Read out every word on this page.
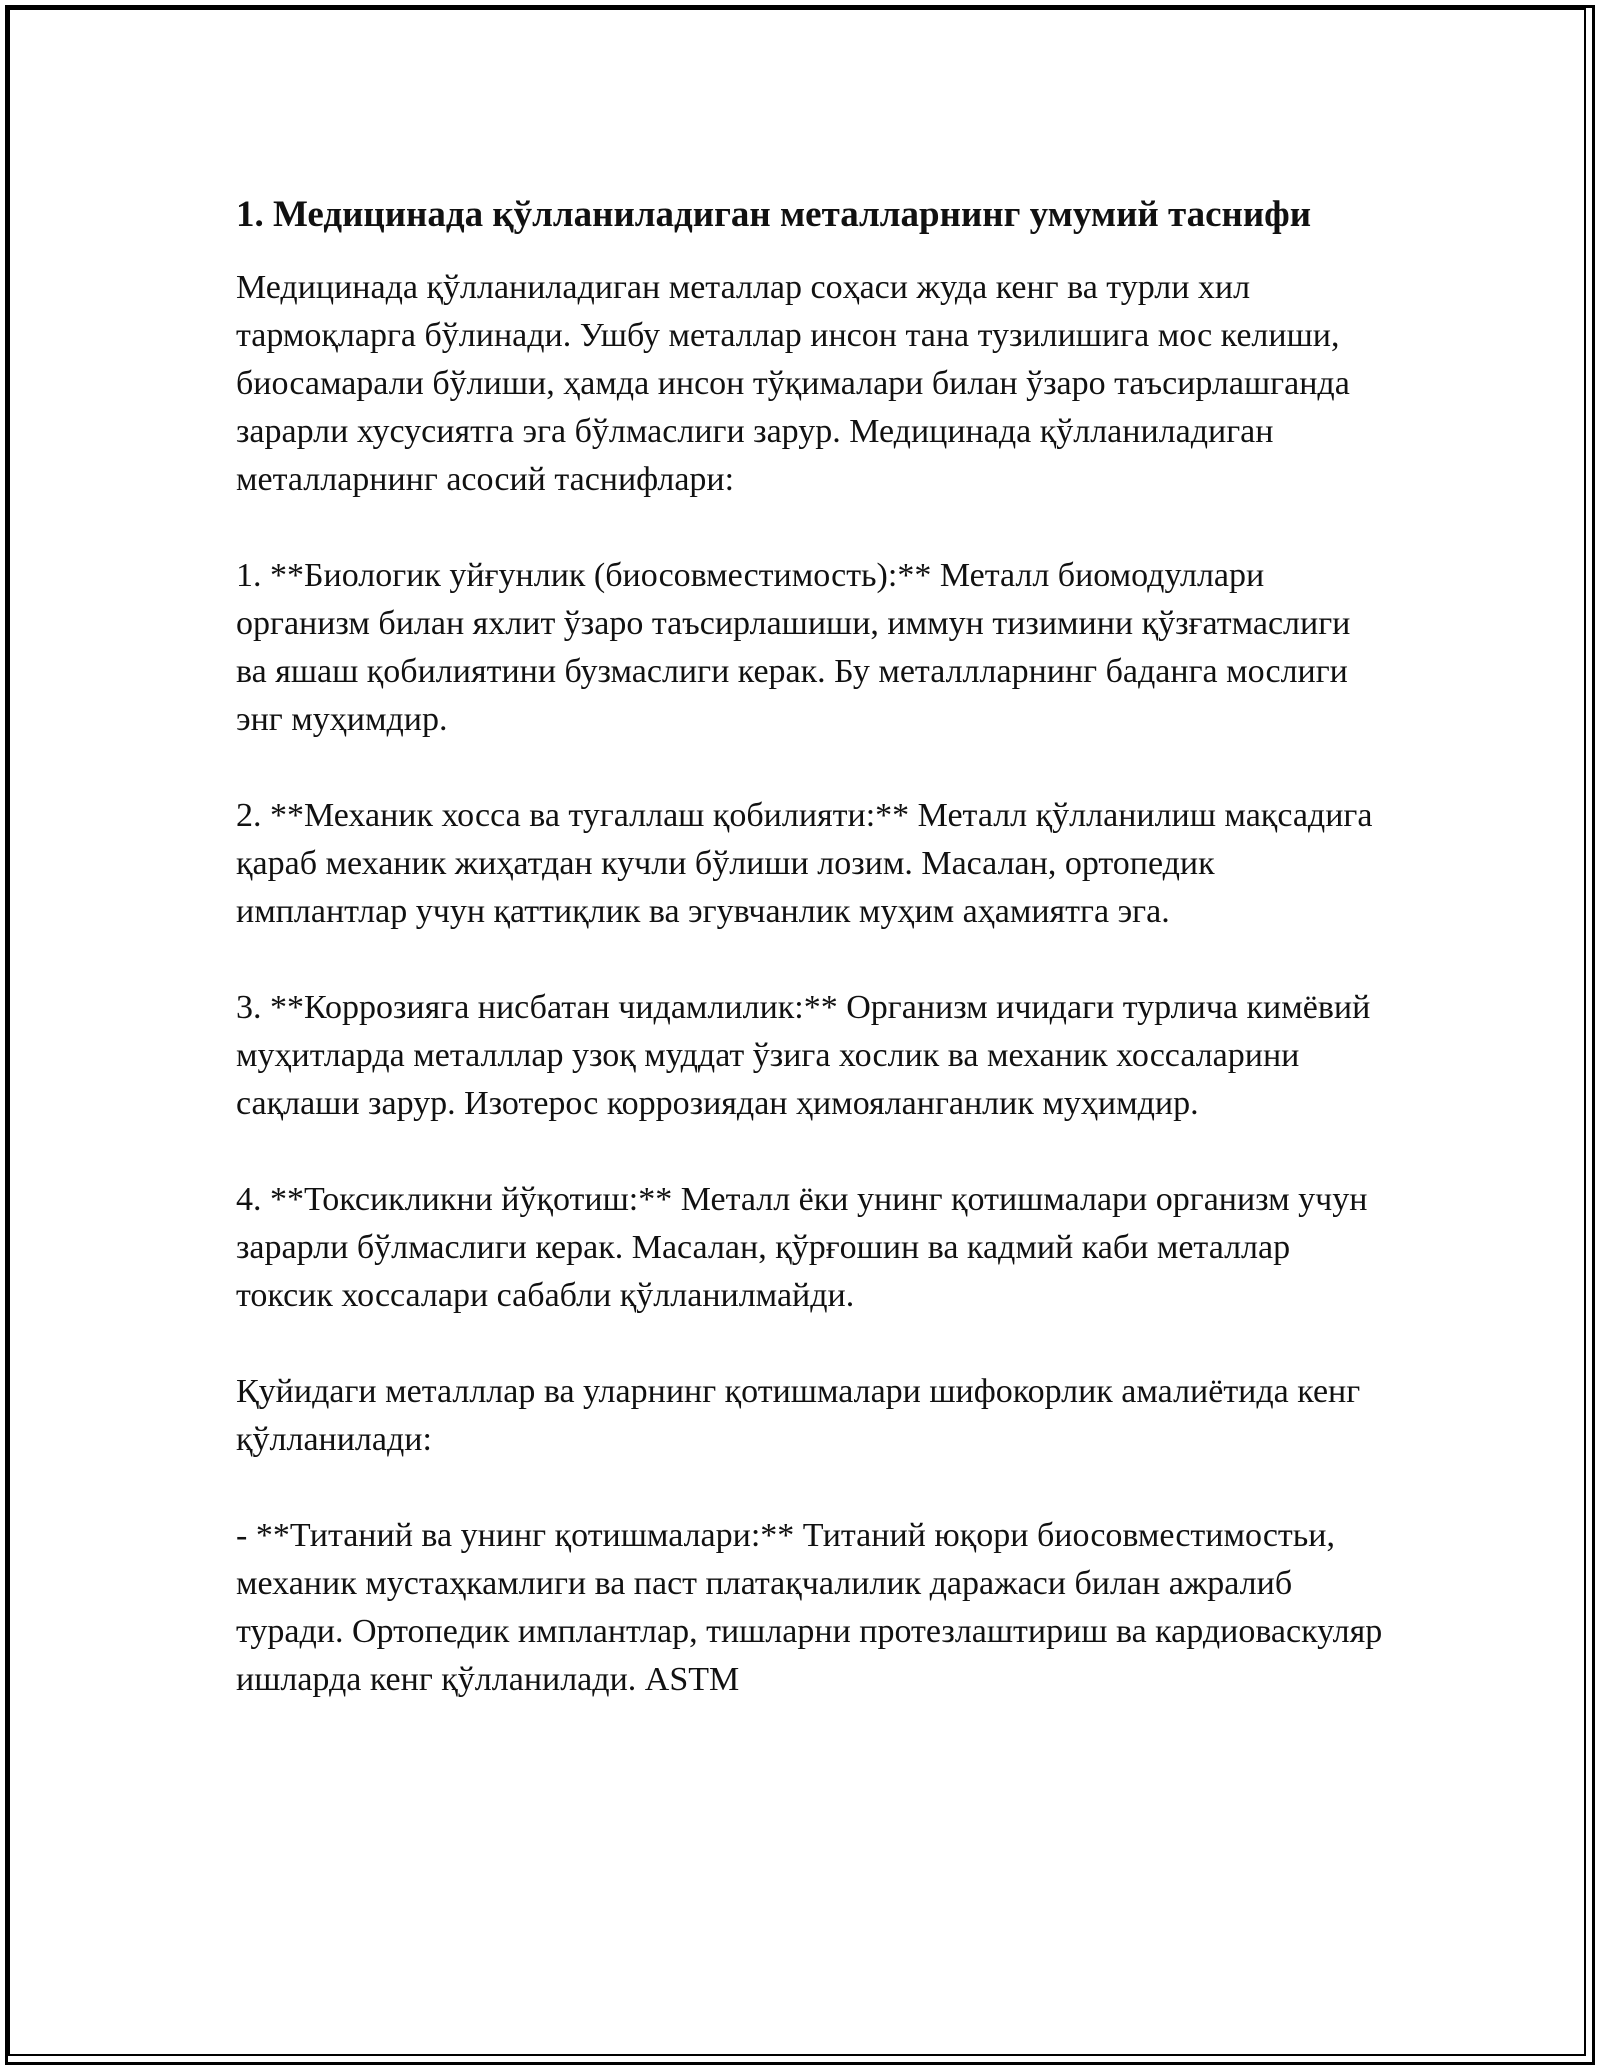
1. Медицинада қўлланиладиган металларнинг умумий таснифи

Медицинада қўлланиладиган металлар соҳаси жуда кенг ва турли хил тармоқларга бўлинади. Ушбу металлар инсон тана тузилишига мос келиши, биосамарали бўлиши, ҳамда инсон тўқималари билан ўзаро таъсирлашганда зарарли хусусиятга эга бўлмаслиги зарур. Медицинада қўлланиладиган металларнинг асосий таснифлари:

1. **Биологик уйғунлик (биосовместимость):** Металл биомодуллари организм билан яхлит ўзаро таъсирлашиши, иммун тизимини қўзғатмаслиги ва яшаш қобилиятини бузмаслиги керак. Бу металлларнинг баданга мослиги энг муҳимдир.

2. **Механик хосса ва тугаллаш қобилияти:** Металл қўлланилиш мақсадига қараб механик жиҳатдан кучли бўлиши лозим. Масалан, ортопедик имплантлар учун қаттиқлик ва эгувчанлик муҳим аҳамиятга эга.

3. **Коррозияга нисбатан чидамлилик:** Организм ичидаги турлича кимёвий муҳитларда металллар узоқ муддат ўзига хослик ва механик хоссаларини сақлаши зарур. Изотерос коррозиядан ҳимояланганлик муҳимдир.

4. **Токсикликни йўқотиш:** Металл ёки унинг қотишмалари организм учун зарарли бўлмаслиги керак. Масалан, қўрғошин ва кадмий каби металлар токсик хоссалари сабабли қўлланилмайди.

Қуйидаги металллар ва уларнинг қотишмалари шифокорлик амалиётида кенг қўлланилади:

- **Титаний ва унинг қотишмалари:** Титаний юқори биосовместимостьи, механик мустаҳкамлиги ва паст платақчалилик даражаси билан ажралиб туради. Ортопедик имплантлар, тишларни протезлаштириш ва кардиоваскуляр ишларда кенг қўлланилади. ASTM
